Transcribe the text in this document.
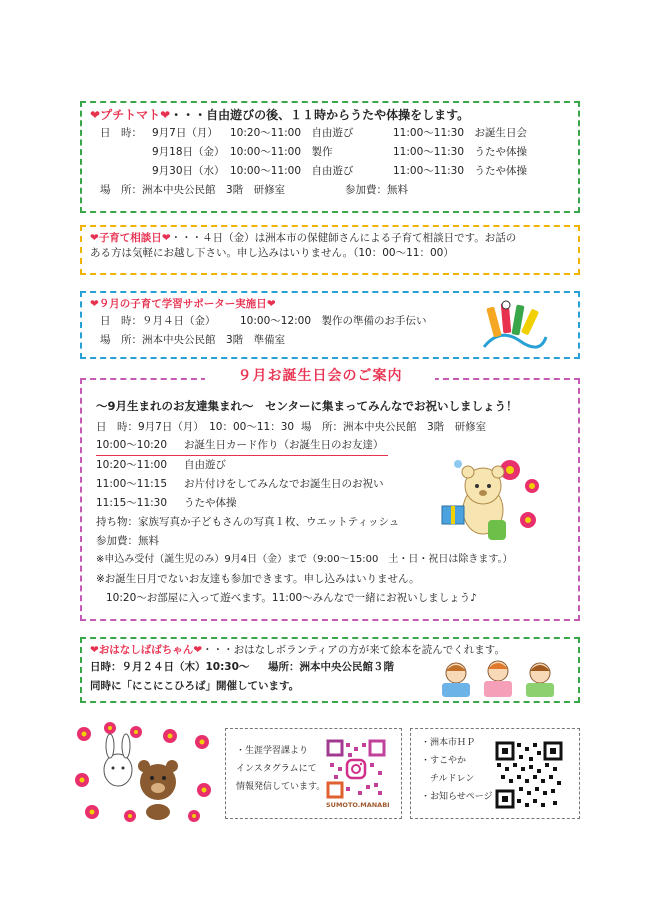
❤プチトマト❤・・・自由遊びの後、１１時からうたや体操をします。
日　時： 9月7日（月）	10:20～11:00　自由遊び	11:00～11:30　お誕生日会
9月18日（金） 10:00～11:00　製作	11:00～11:30　うたや体操
9月30日（水） 10:00～11:00　自由遊び	11:00～11:30　うたや体操
場　所：洲本中央公民館　3階　研修室	参加費：無料
❤子育て相談日❤・・・４日（金）は洲本市の保健師さんによる子育て相談日です。お話の
ある方は気軽にお越し下さい。申し込みはいりません。（10：00～11：00）
❤９月の子育て学習サポーター実施日❤
日　時：９月４日（金）	10:00～12:00　製作の準備のお手伝い
場　所：洲本中央公民館　3階　準備室
～9月生まれのお友達集まれ～　センターに集まってみんなでお祝いしましょう！
日　時：9月7日（月）　10：00～11：30 場　所：洲本中央公民館　3階　研修室
10:00～10:20	お誕生日カード作り（お誕生日のお友達）
10:20～11:00	自由遊び
11:00～11:15	お片付けをしてみんなでお誕生日のお祝い
11:15～11:30	うたや体操
持ち物：家族写真か子どもさんの写真１枚、ウエットティッシュ
参加費：無料
※申込み受付（誕生児のみ）9月4日（金）まで（9:00～15:00　土・日・祝日は除きます。）
※お誕生日月でないお友達も参加できます。申し込みはいりません。
10:20～お部屋に入って遊べます。11:00～みんなで一緒にお祝いしましょう♪
９月お誕生日会のご案内
❤おはなしばばちゃん❤・・・おはなしボランティアの方が来て絵本を読んでくれます。
日時：９月２４日（木）10:30～	場所：洲本中央公民館３階
同時に「にこにこひろば」開催しています。
・生涯学習課より
インスタグラムにて
情報発信しています。
SUMOTO.MANABI
・洲本市ＨＰ
・すこやか
　チルドレン
・お知らせページ
